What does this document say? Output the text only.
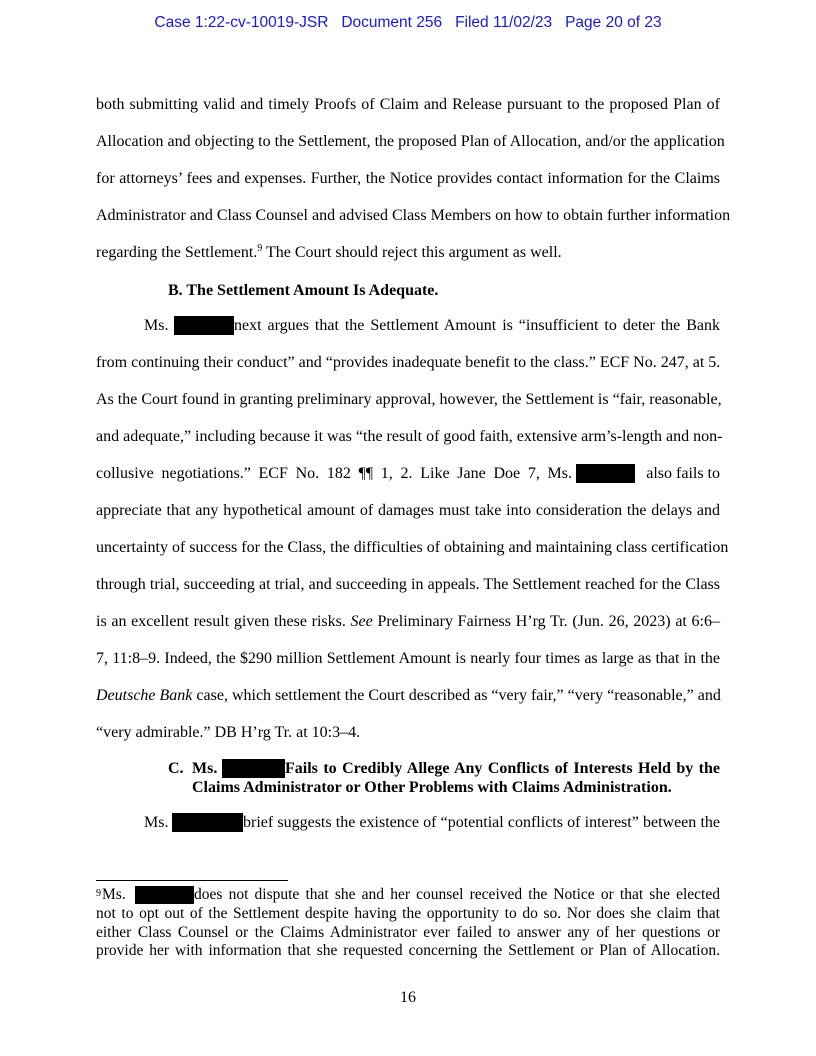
Case 1:22-cv-10019-JSR   Document 256   Filed 11/02/23   Page 20 of 23
both submitting valid and timely Proofs of Claim and Release pursuant to the proposed Plan of
Allocation and objecting to the Settlement, the proposed Plan of Allocation, and/or the application
for attorneys’ fees and expenses. Further, the Notice provides contact information for the Claims
Administrator and Class Counsel and advised Class Members on how to obtain further information
regarding the Settlement.$^9$ The Court should reject this argument as well.
B. The Settlement Amount Is Adequate.
Ms.	next argues that the Settlement Amount is “insufficient to deter the Bank
from continuing their conduct” and “provides inadequate benefit to the class.” ECF No. 247, at 5.
As the Court found in granting preliminary approval, however, the Settlement is “fair, reasonable,
and adequate,” including because it was “the result of good faith, extensive arm’s-length and non-
collusive negotiations.” ECF No. 182 ¶¶ 1, 2. Like Jane Doe 7, Ms.	also fails to
appreciate that any hypothetical amount of damages must take into consideration the delays and
uncertainty of success for the Class, the difficulties of obtaining and maintaining class certification
through trial, succeeding at trial, and succeeding in appeals. The Settlement reached for the Class
is an excellent result given these risks. See Preliminary Fairness H’rg Tr. (Jun. 26, 2023) at 6:6–
7, 11:8–9. Indeed, the $290 million Settlement Amount is nearly four times as large as that in the
Deutsche Bank case, which settlement the Court described as “very fair,” “very “reasonable,” and
“very admirable.” DB H’rg Tr. at 10:3–4.
C. Ms.	Fails to Credibly Allege Any Conflicts of Interests Held by the
Claims Administrator or Other Problems with Claims Administration.
Ms.	brief suggests the existence of “potential conflicts of interest” between the
9 Ms.	does not dispute that she and her counsel received the Notice or that she elected
not to opt out of the Settlement despite having the opportunity to do so. Nor does she claim that
either Class Counsel or the Claims Administrator ever failed to answer any of her questions or
provide her with information that she requested concerning the Settlement or Plan of Allocation.
16
